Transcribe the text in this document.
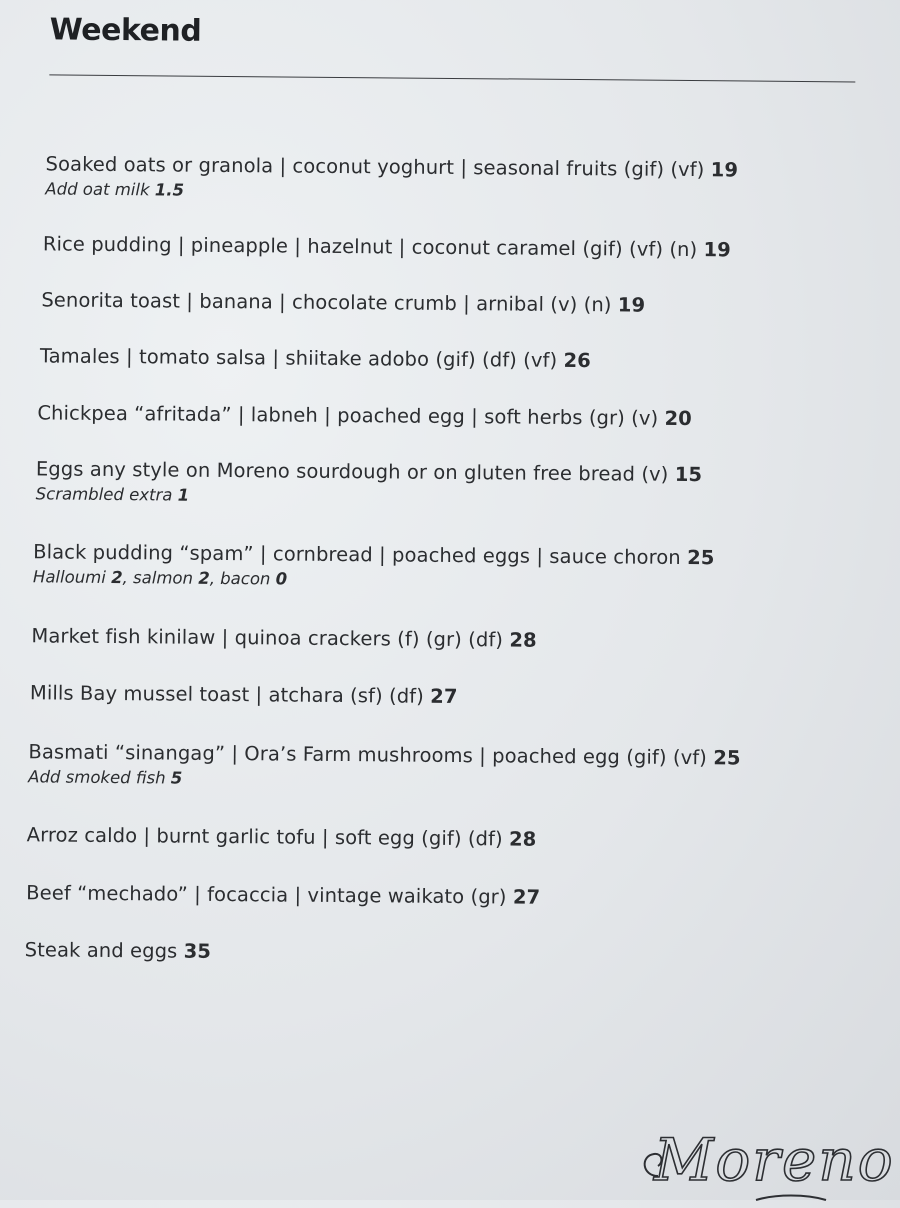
Weekend
Soaked oats or granola | coconut yoghurt | seasonal fruits (gif) (vf) 19
Add oat milk 1.5
Rice pudding | pineapple | hazelnut | coconut caramel (gif) (vf) (n) 19
Senorita toast | banana | chocolate crumb | arnibal (v) (n) 19
Tamales | tomato salsa | shiitake adobo (gif) (df) (vf) 26
Chickpea “afritada” | labneh | poached egg | soft herbs (gr) (v) 20
Eggs any style on Moreno sourdough or on gluten free bread (v) 15
Scrambled extra 1
Black pudding “spam” | cornbread | poached eggs | sauce choron 25
Halloumi 2, salmon 2, bacon 0
Market fish kinilaw | quinoa crackers (f) (gr) (df) 28
Mills Bay mussel toast | atchara (sf) (df) 27
Basmati “sinangag” | Ora’s Farm mushrooms | poached egg (gif) (vf) 25
Add smoked fish 5
Arroz caldo | burnt garlic tofu | soft egg (gif) (df) 28
Beef “mechado” | focaccia | vintage waikato (gr) 27
Steak and eggs 35
Moreno
